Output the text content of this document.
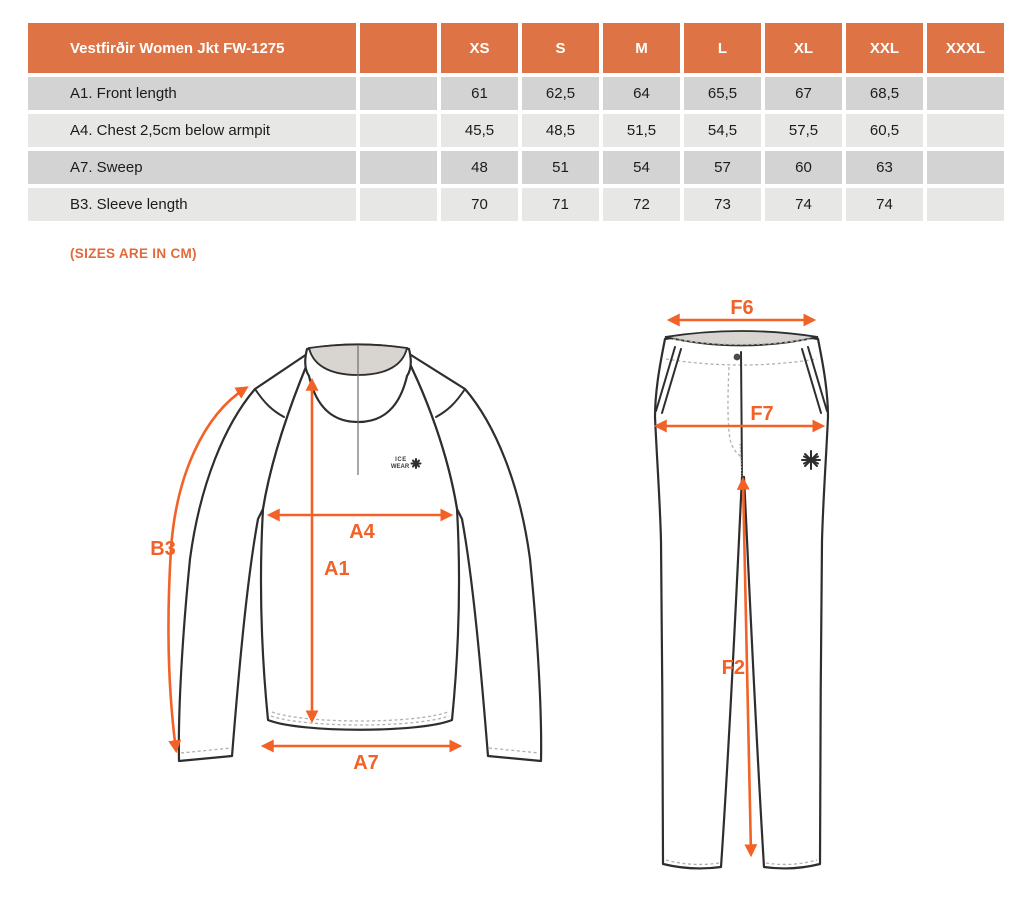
Vestfirðir Women Jkt FW-1275		XS	S	M	L	XL	XXL	XXXL
A1. Front length		61	62,5	64	65,5	67	68,5	
A4. Chest 2,5cm below armpit		45,5	48,5	51,5	54,5	57,5	60,5	
A7. Sweep		48	51	54	57	60	63	
B3. Sleeve length		70	71	72	73	74	74	
(SIZES ARE IN CM)
ICE
WEAR
B3
A4
A1
A7
F6
F7
F2
